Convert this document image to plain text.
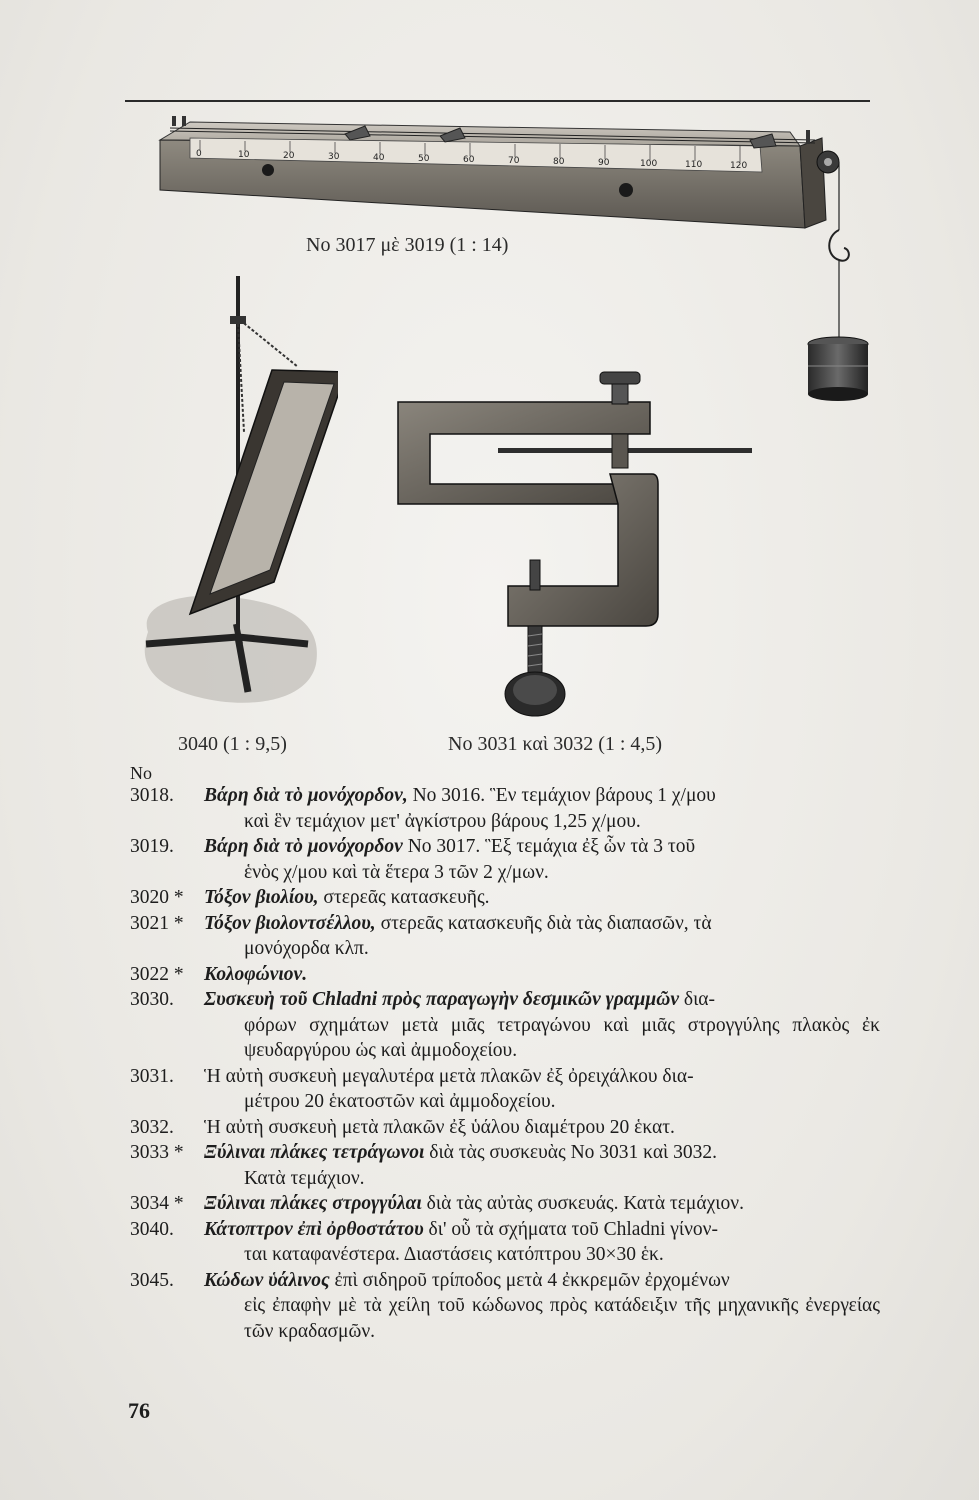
0	10	20	30	40	50	60	70	80	90	100	110	120
No 3017 μὲ 3019 (1 : 14)
3040 (1 : 9,5)	No 3031 καὶ 3032 (1 : 4,5)
No
3018.	Βάρη διὰ τὸ μονόχορδον, No 3016. Ἓν τεμάχιον βάρους 1 χ/μου
καὶ ἓν τεμάχιον μετ' ἀγκίστρου βάρους 1,25 χ/μου.
3019.	Βάρη διὰ τὸ μονόχορδον No 3017. Ἓξ τεμάχια ἐξ ὧν τὰ 3 τοῦ
ἑνὸς χ/μου καὶ τὰ ἕτερα 3 τῶν 2 χ/μων.
3020 *	Τόξον βιολίου, στερεᾶς κατασκευῆς.
3021 *	Τόξον βιολοντσέλλου, στερεᾶς κατασκευῆς διὰ τὰς διαπασῶν, τὰ
μονόχορδα κλπ.
3022 *	Κολοφώνιον.
3030.	Συσκευὴ τοῦ Chladni πρὸς παραγωγὴν δεσμικῶν γραμμῶν δια-
φόρων σχημάτων μετὰ μιᾶς τετραγώνου καὶ μιᾶς στρογγύλης πλακὸς ἐκ ψευδαργύρου ὡς καὶ ἀμμοδοχείου.
3031.	Ἡ αὐτὴ συσκευὴ μεγαλυτέρα μετὰ πλακῶν ἐξ ὀρειχάλκου δια-
μέτρου 20 ἑκατοστῶν καὶ ἀμμοδοχείου.
3032.	Ἡ αὐτὴ συσκευὴ μετὰ πλακῶν ἐξ ὑάλου διαμέτρου 20 ἑκατ.
3033 *	Ξύλιναι πλάκες τετράγωνοι διὰ τὰς συσκευὰς No 3031 καὶ 3032.
Κατὰ τεμάχιον.
3034 *	Ξύλιναι πλάκες στρογγύλαι διὰ τὰς αὐτὰς συσκευάς. Κατὰ τεμάχιον.
3040.	Κάτοπτρον ἐπὶ ὀρθοστάτου δι' οὗ τὰ σχήματα τοῦ Chladni γίνον-
ται καταφανέστερα. Διαστάσεις κατόπτρου 30×30 ἑκ.
3045.	Κώδων ὑάλινος ἐπὶ σιδηροῦ τρίποδος μετὰ 4 ἐκκρεμῶν ἐρχομένων
εἰς ἐπαφὴν μὲ τὰ χείλη τοῦ κώδωνος πρὸς κατάδειξιν τῆς μηχανικῆς ἐνεργείας τῶν κραδασμῶν.
76
